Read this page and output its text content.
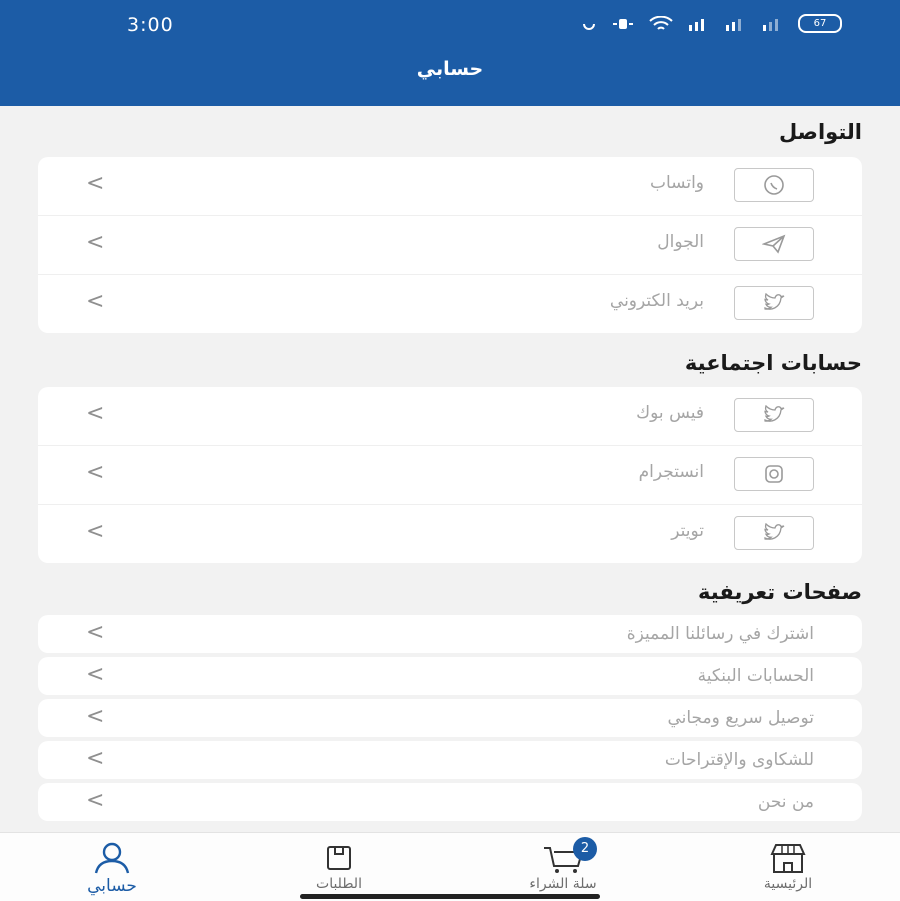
3:00	67
حسابي
التواصل
واتساب
<
الجوال
<
بريد الكتروني
<
حسابات اجتماعية
فيس بوك
<
انستجرام
<
تويتر
<
صفحات تعريفية
اشترك في رسائلنا المميزة
<
الحسابات البنكية
<
توصيل سريع ومجاني
<
للشكاوى والإقتراحات
<
من نحن
<
حسابي	الطلبات
2
سلة الشراء	الرئيسية
